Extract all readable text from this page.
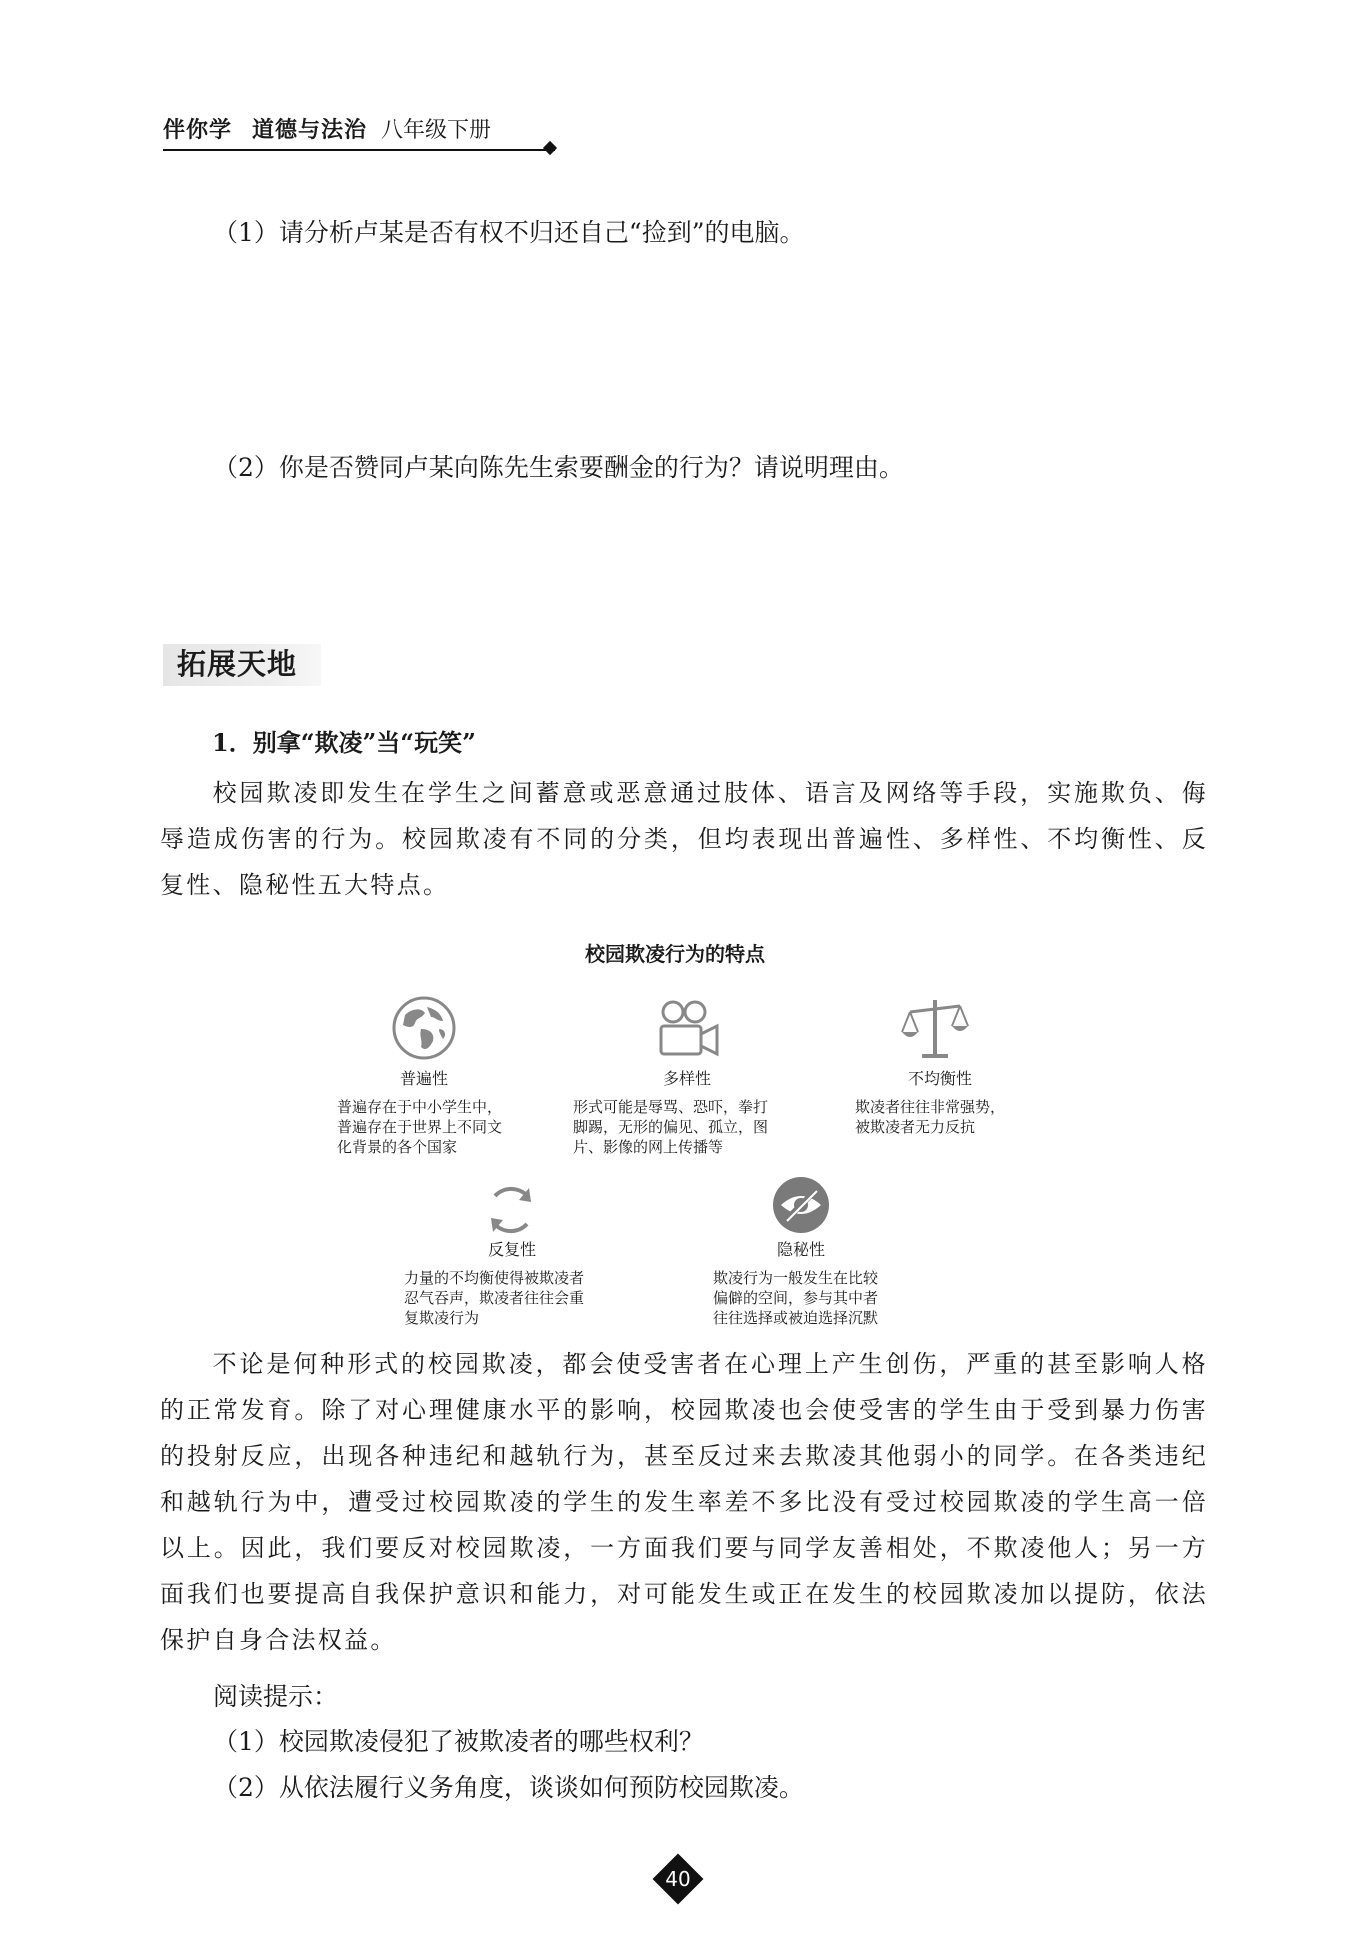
伴你学 道德与法治 八年级下册
（1）请分析卢某是否有权不归还自己“捡到”的电脑。
（2）你是否赞同卢某向陈先生索要酬金的行为？请说明理由。
拓展天地
1．别拿“欺凌”当“玩笑”
校园欺凌即发生在学生之间蓄意或恶意通过肢体、语言及网络等手段，实施欺负、侮辱造成伤害的行为。校园欺凌有不同的分类，但均表现出普遍性、多样性、不均衡性、反复性、隐秘性五大特点。
校园欺凌行为的特点
普遍性
普遍存在于中小学生中，
普遍存在于世界上不同文
化背景的各个国家
多样性
形式可能是辱骂、恐吓，拳打
脚踢，无形的偏见、孤立，图
片、影像的网上传播等
不均衡性
欺凌者往往非常强势，
被欺凌者无力反抗
反复性
力量的不均衡使得被欺凌者
忍气吞声，欺凌者往往会重
复欺凌行为
隐秘性
欺凌行为一般发生在比较
偏僻的空间，参与其中者
往往选择或被迫选择沉默
不论是何种形式的校园欺凌，都会使受害者在心理上产生创伤，严重的甚至影响人格的正常发育。除了对心理健康水平的影响，校园欺凌也会使受害的学生由于受到暴力伤害的投射反应，出现各种违纪和越轨行为，甚至反过来去欺凌其他弱小的同学。在各类违纪和越轨行为中，遭受过校园欺凌的学生的发生率差不多比没有受过校园欺凌的学生高一倍以上。因此，我们要反对校园欺凌，一方面我们要与同学友善相处，不欺凌他人；另一方面我们也要提高自我保护意识和能力，对可能发生或正在发生的校园欺凌加以提防，依法保护自身合法权益。
阅读提示：
（1）校园欺凌侵犯了被欺凌者的哪些权利？
（2）从依法履行义务角度，谈谈如何预防校园欺凌。
40
